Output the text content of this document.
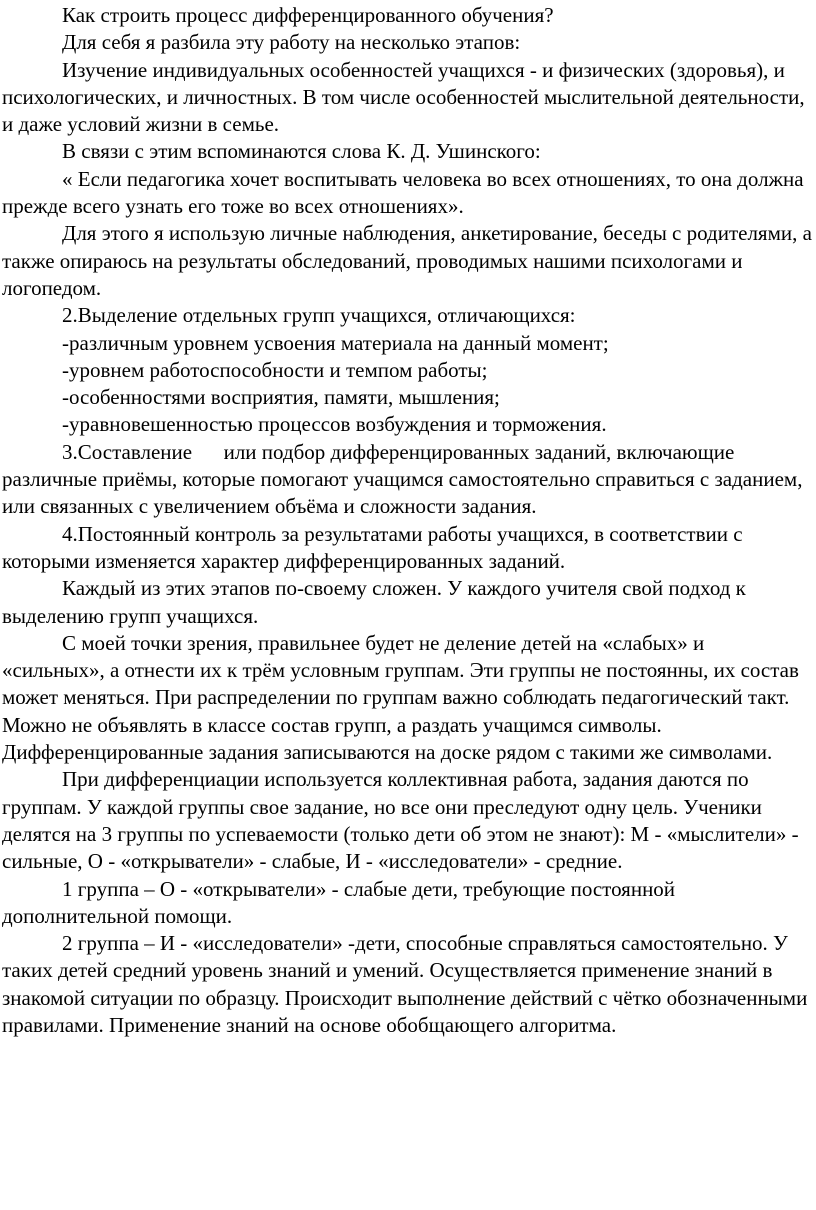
Как строить процесс дифференцированного обучения?

Для себя я разбила эту работу на несколько этапов:

Изучение индивидуальных особенностей учащихся - и физических (здоровья), и психологических, и личностных. В том числе особенностей мыслительной деятельности, и даже условий жизни в семье.

В связи с этим вспоминаются слова К. Д. Ушинского:

« Если педагогика хочет воспитывать человека во всех отношениях, то она должна прежде всего узнать его тоже во всех отношениях».

Для этого я использую личные наблюдения, анкетирование, беседы с родителями, а также опираюсь на результаты обследований, проводимых нашими психологами и логопедом.

2.Выделение отдельных групп учащихся, отличающихся:

-различным уровнем усвоения материала на данный момент;

-уровнем работоспособности и темпом работы;

-особенностями восприятия, памяти, мышления;

-уравновешенностью процессов возбуждения и торможения.

3.Составление      или подбор дифференцированных заданий, включающие различные приёмы, которые помогают учащимся самостоятельно справиться с заданием, или связанных с увеличением объёма и сложности задания.

4.Постоянный контроль за результатами работы учащихся, в соответствии с которыми изменяется характер дифференцированных заданий.

Каждый из этих этапов по-своему сложен. У каждого учителя свой подход к выделению групп учащихся.

С моей точки зрения, правильнее будет не деление детей на «слабых» и «сильных», а отнести их к трём условным группам. Эти группы не постоянны, их состав может меняться. При распределении по группам важно соблюдать педагогический такт. Можно не объявлять в классе состав групп, а раздать учащимся символы. Дифференцированные задания записываются на доске рядом с такими же символами.

При дифференциации используется коллективная работа, задания даются по группам. У каждой группы свое задание, но все они преследуют одну цель. Ученики делятся на 3 группы по успеваемости (только дети об этом не знают): М - «мыслители» - сильные, О - «открыватели» - слабые, И - «исследователи» - средние.

1 группа – О - «открыватели» - слабые дети, требующие постоянной дополнительной помощи.

2 группа – И - «исследователи» -дети, способные справляться самостоятельно. У таких детей средний уровень знаний и умений. Осуществляется применение знаний в знакомой ситуации по образцу. Происходит выполнение действий с чётко обозначенными правилами. Применение знаний на основе обобщающего алгоритма.
